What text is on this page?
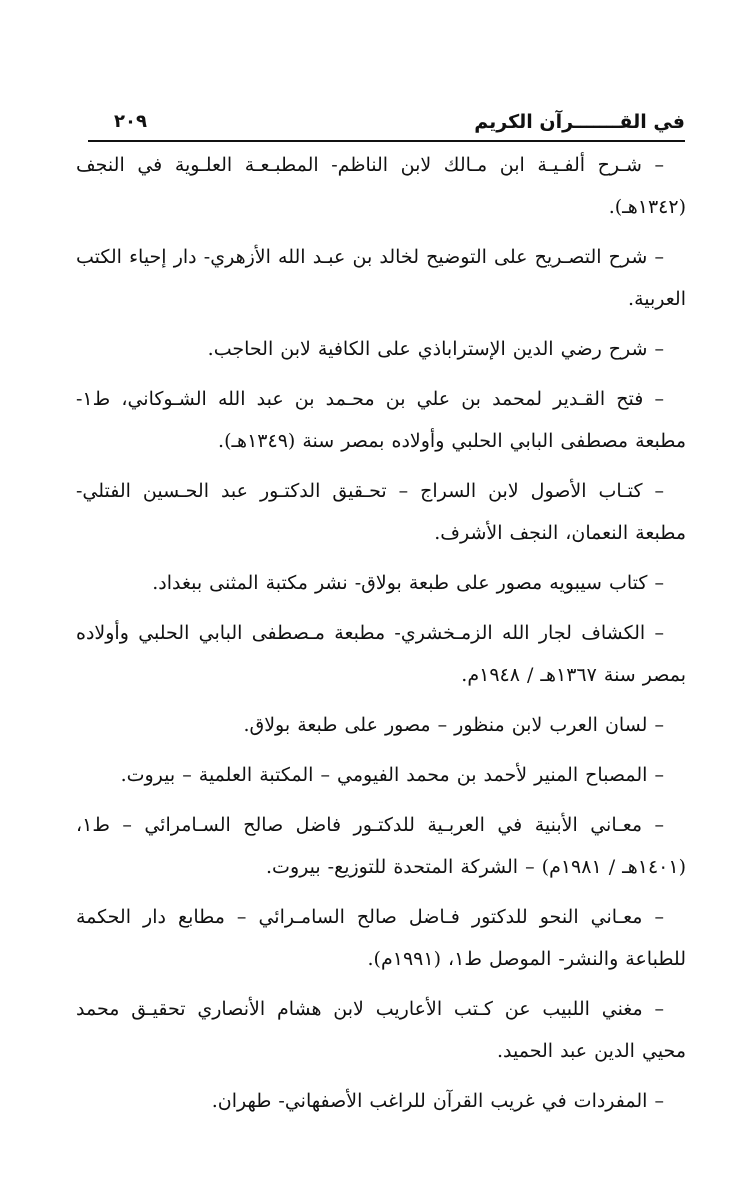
في القـــــــرآن الكريم
٢٠٩
– شـرح ألفـيـة ابن مـالك لابن الناظم- المطبـعـة العلـوية في النجف (١٣٤٢هـ).
– شرح التصـريح على التوضيح لخالد بن عبـد الله الأزهري- دار إحياء الكتب العربية.
– شرح رضي الدين الإستراباذي على الكافية لابن الحاجب.
– فتح القـدير لمحمد بن علي بن محـمد بن عبد الله الشـوكاني، ط١- مطبعة مصطفى البابي الحلبي وأولاده بمصر سنة (١٣٤٩هـ).
– كتـاب الأصول لابن السراج – تحـقيق الدكتـور عبد الحـسين الفتلي- مطبعة النعمان، النجف الأشرف.
– كتاب سيبويه مصور على طبعة بولاق- نشر مكتبة المثنى ببغداد.
– الكشاف لجار الله الزمـخشري- مطبعة مـصطفى البابي الحلبي وأولاده بمصر سنة ١٣٦٧هـ / ١٩٤٨م.
– لسان العرب لابن منظور – مصور على طبعة بولاق.
– المصباح المنير لأحمد بن محمد الفيومي – المكتبة العلمية – بيروت.
– معـاني الأبنية في العربـية للدكتـور فاضل صالح السـامرائي – ط١، (١٤٠١هـ / ١٩٨١م) – الشركة المتحدة للتوزيع- بيروت.
– معـاني النحو للدكتور فـاضل صالح السامـرائي – مطابع دار الحكمة للطباعة والنشر- الموصل ط١، (١٩٩١م).
– مغني اللبيب عن كـتب الأعاريب لابن هشام الأنصاري تحقيـق محمد محيي الدين عبد الحميد.
– المفردات في غريب القرآن للراغب الأصفهاني- طهران.
